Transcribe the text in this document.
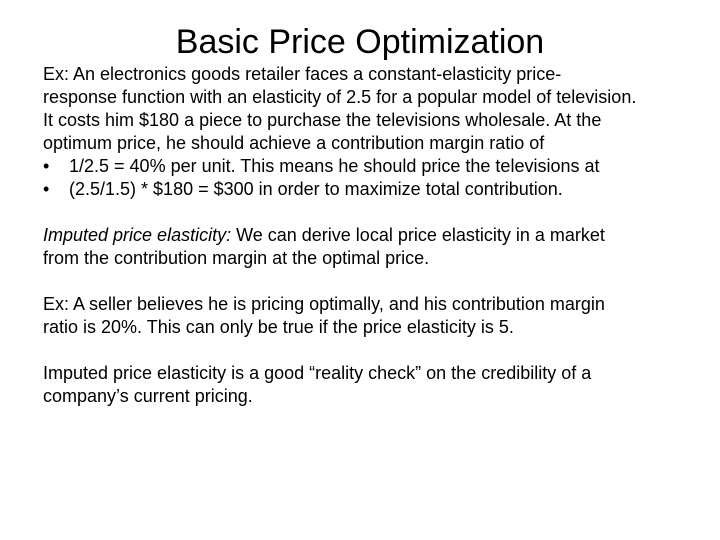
Basic Price Optimization
Ex: An electronics goods retailer faces a constant-elasticity price-
response function with an elasticity of 2.5 for a popular model of television.
It costs him $180 a piece to purchase the televisions wholesale. At the
optimum price, he should achieve a contribution margin ratio of
• 1/2.5 = 40% per unit. This means he should price the televisions at
• (2.5/1.5) * $180 = $300 in order to maximize total contribution.
Imputed price elasticity: We can derive local price elasticity in a market
from the contribution margin at the optimal price.
Ex: A seller believes he is pricing optimally, and his contribution margin
ratio is 20%. This can only be true if the price elasticity is 5.
Imputed price elasticity is a good “reality check” on the credibility of a
company’s current pricing.
